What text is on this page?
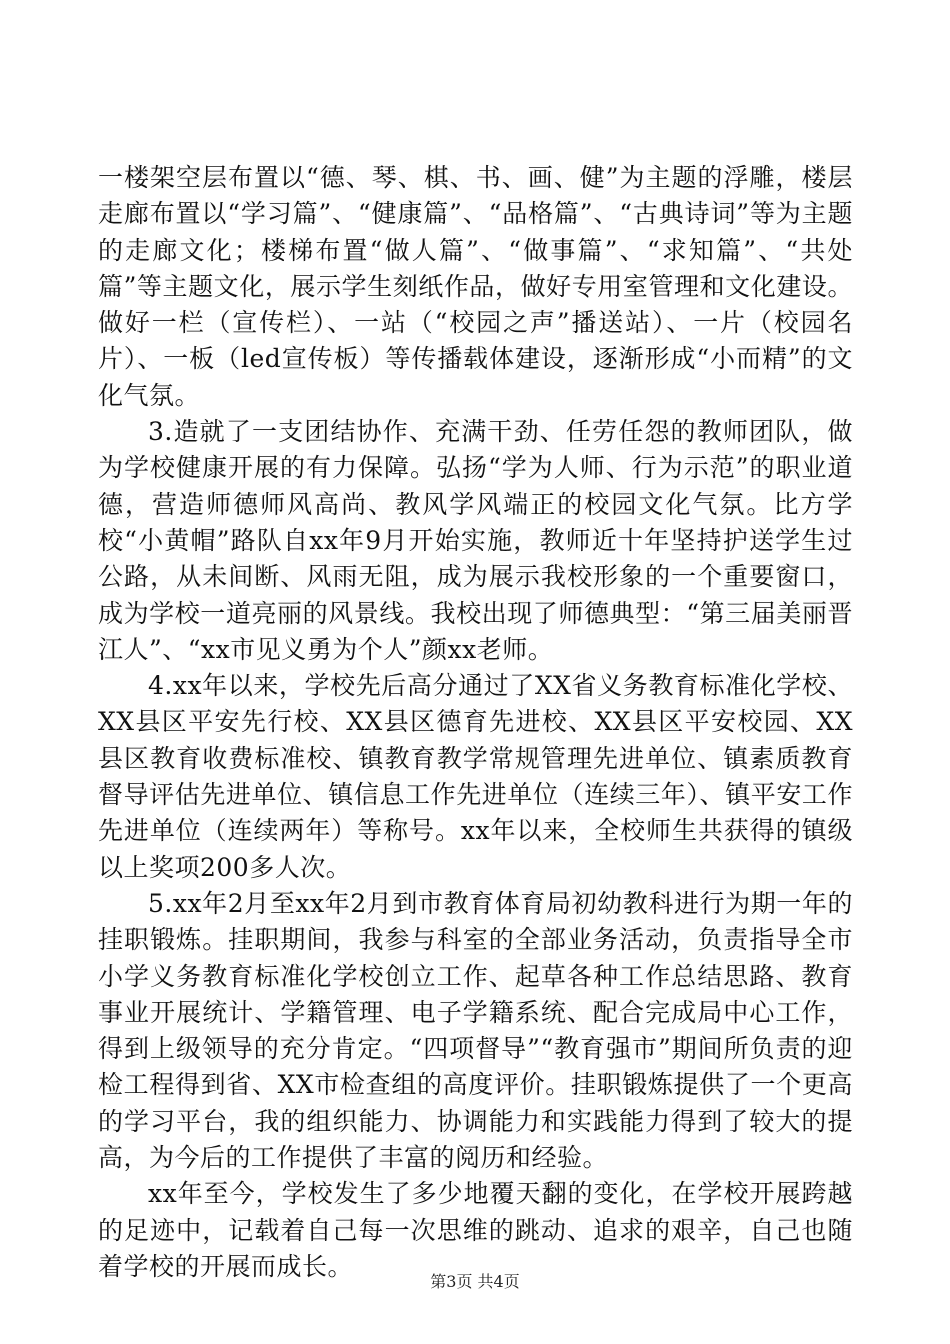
一楼架空层布置以“德、琴、棋、书、画、健”为主题的浮雕，楼层走廊布置以“学习篇”、“健康篇”、“品格篇”、“古典诗词”等为主题的走廊文化；楼梯布置“做人篇”、“做事篇”、“求知篇”、“共处篇”等主题文化，展示学生刻纸作品，做好专用室管理和文化建设。做好一栏（宣传栏）、一站（“校园之声”播送站）、一片（校园名片）、一板（led宣传板）等传播载体建设，逐渐形成“小而精”的文化气氛。

3.造就了一支团结协作、充满干劲、任劳任怨的教师团队，做为学校健康开展的有力保障。弘扬“学为人师、行为示范”的职业道德，营造师德师风高尚、教风学风端正的校园文化气氛。比方学校“小黄帽”路队自xx年9月开始实施，教师近十年坚持护送学生过公路，从未间断、风雨无阻，成为展示我校形象的一个重要窗口，成为学校一道亮丽的风景线。我校出现了师德典型：“第三届美丽晋江人”、“xx市见义勇为个人”颜xx老师。

4.xx年以来，学校先后高分通过了XX省义务教育标准化学校、XX县区平安先行校、XX县区德育先进校、XX县区平安校园、XX县区教育收费标准校、镇教育教学常规管理先进单位、镇素质教育督导评估先进单位、镇信息工作先进单位（连续三年）、镇平安工作先进单位（连续两年）等称号。xx年以来，全校师生共获得的镇级以上奖项200多人次。

5.xx年2月至xx年2月到市教育体育局初幼教科进行为期一年的挂职锻炼。挂职期间，我参与科室的全部业务活动，负责指导全市小学义务教育标准化学校创立工作、起草各种工作总结思路、教育事业开展统计、学籍管理、电子学籍系统、配合完成局中心工作，得到上级领导的充分肯定。“四项督导”“教育强市”期间所负责的迎检工程得到省、XX市检查组的高度评价。挂职锻炼提供了一个更高的学习平台，我的组织能力、协调能力和实践能力得到了较大的提高，为今后的工作提供了丰富的阅历和经验。

xx年至今，学校发生了多少地覆天翻的变化，在学校开展跨越的足迹中，记载着自己每一次思维的跳动、追求的艰辛，自己也随着学校的开展而成长。

第3页 共4页
